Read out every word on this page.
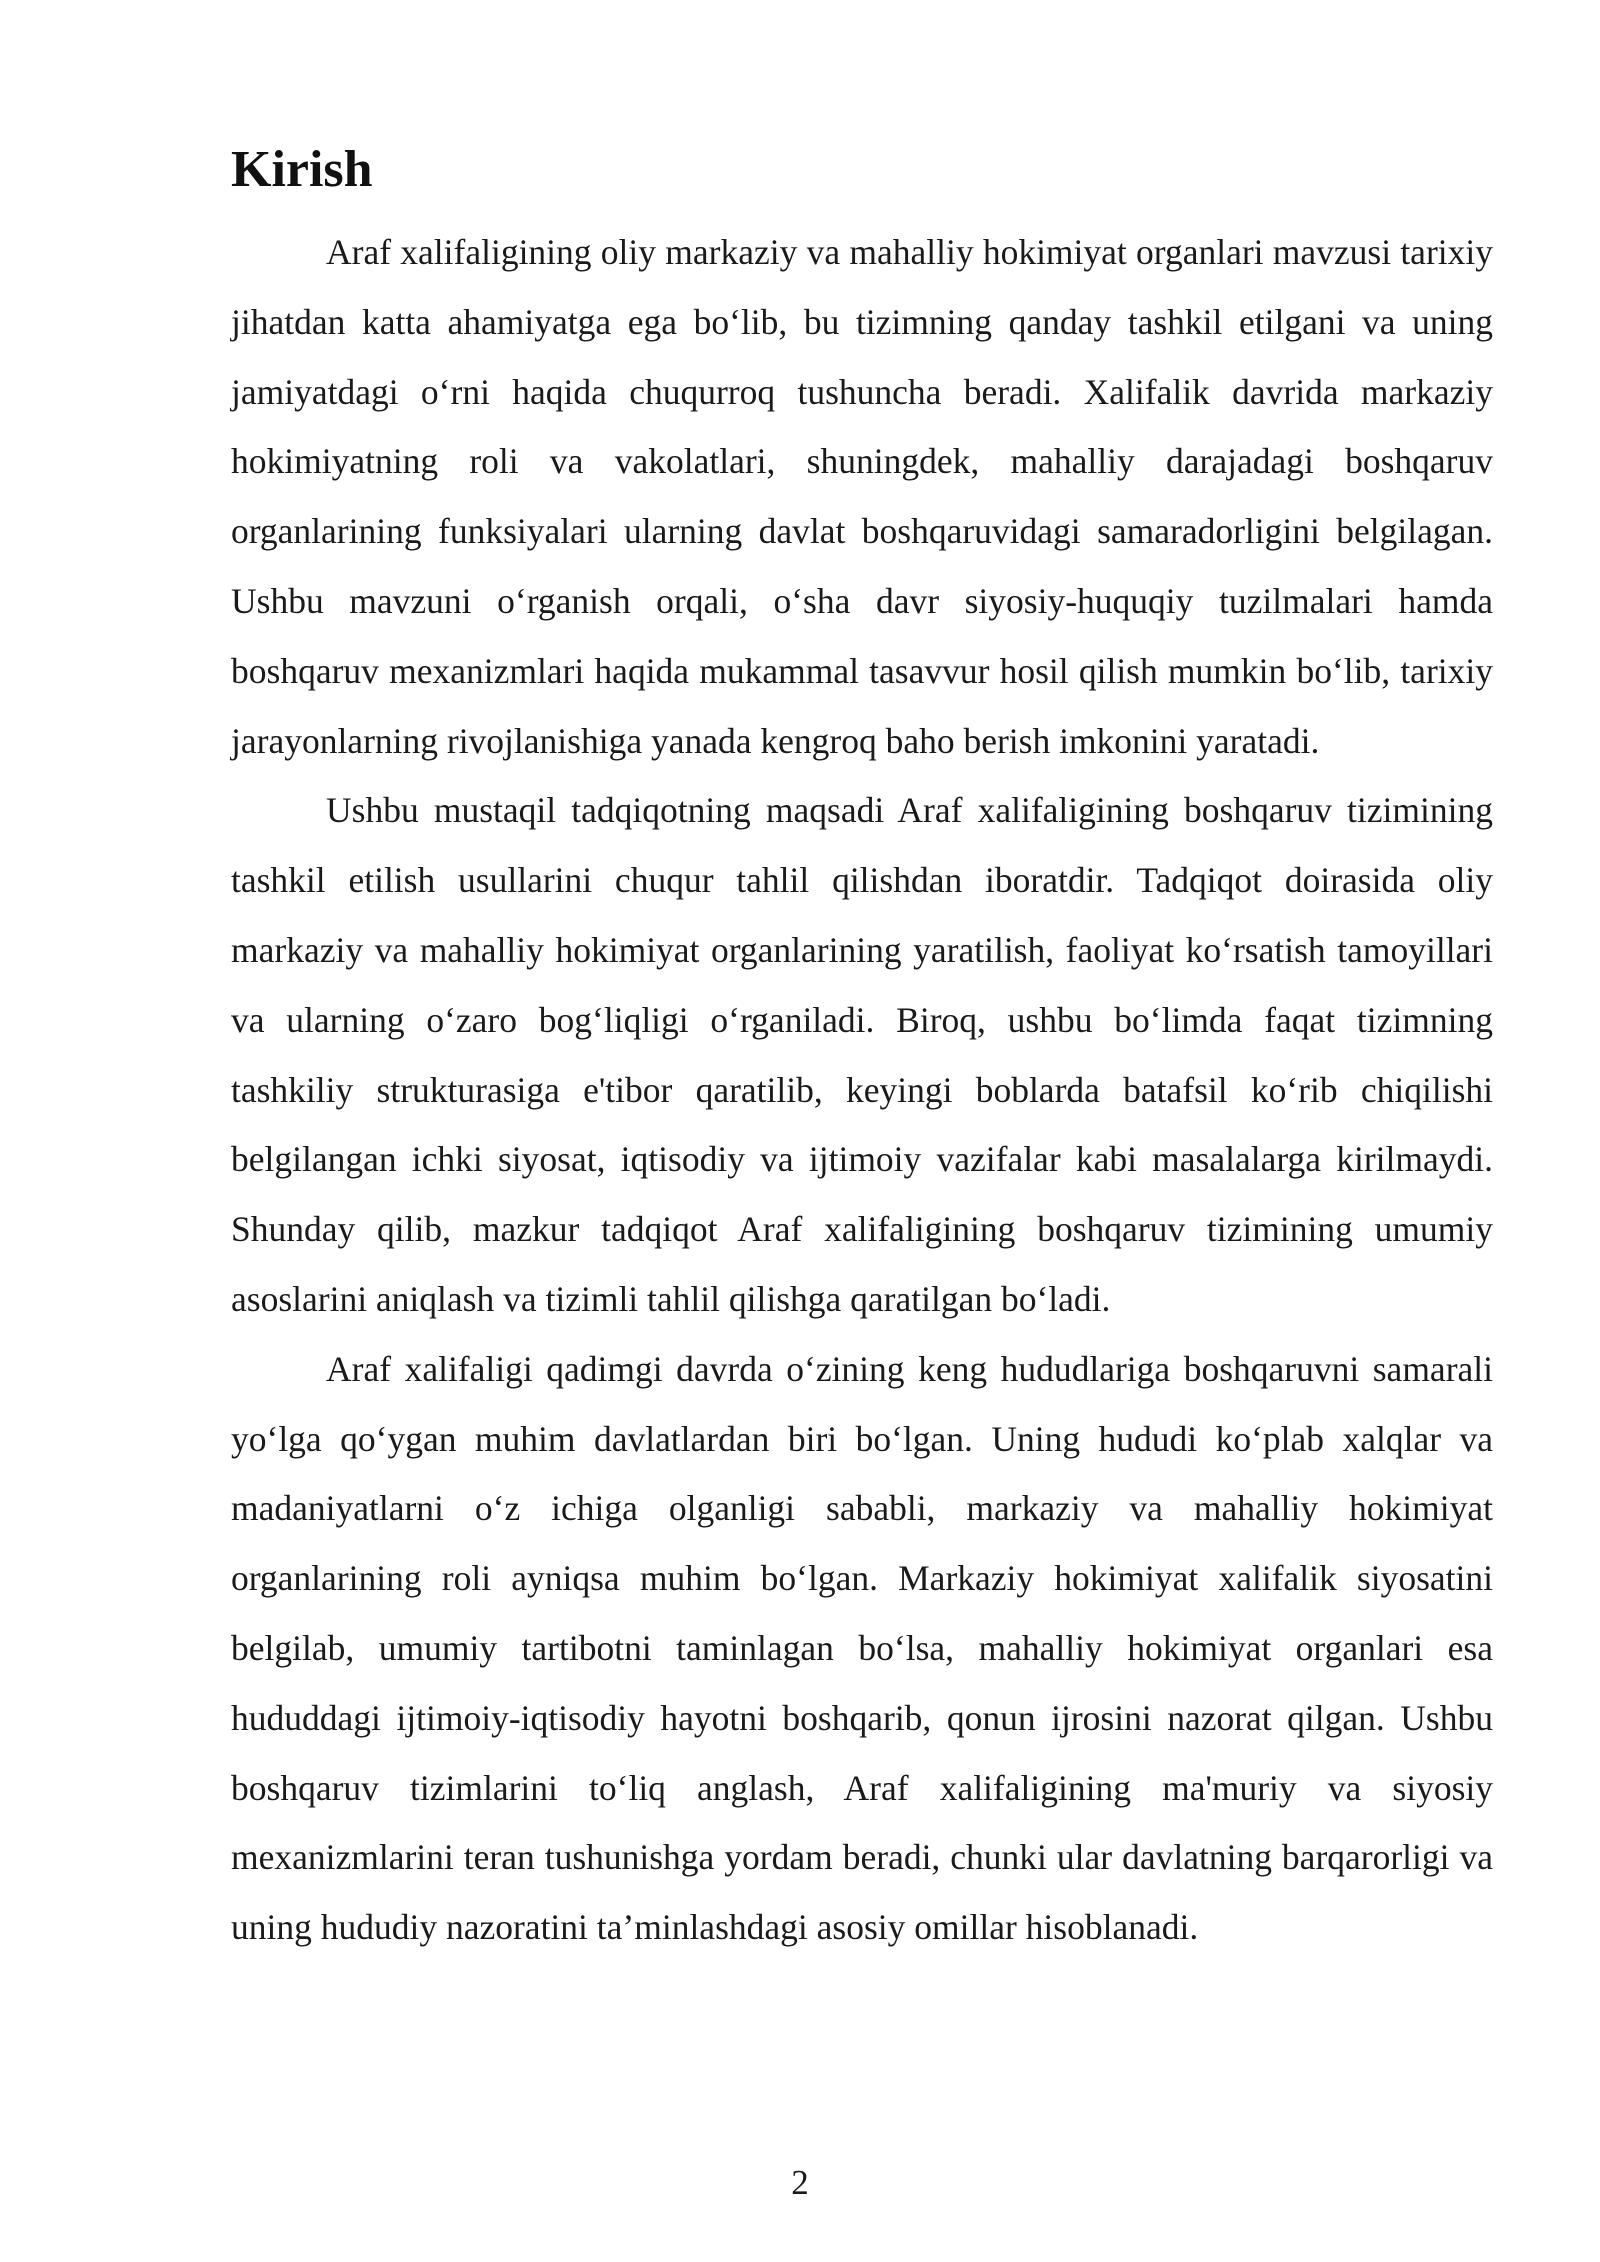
Kirish

Araf xalifaligining oliy markaziy va mahalliy hokimiyat organlari mavzusi tarixiy jihatdan katta ahamiyatga ega bo‘lib, bu tizimning qanday tashkil etilgani va uning jamiyatdagi o‘rni haqida chuqurroq tushuncha beradi. Xalifalik davrida markaziy hokimiyatning roli va vakolatlari, shuningdek, mahalliy darajadagi boshqaruv organlarining funksiyalari ularning davlat boshqaruvidagi samaradorligini belgilagan. Ushbu mavzuni o‘rganish orqali, o‘sha davr siyosiy-huquqiy tuzilmalari hamda boshqaruv mexanizmlari haqida mukammal tasavvur hosil qilish mumkin bo‘lib, tarixiy jarayonlarning rivojlanishiga yanada kengroq baho berish imkonini yaratadi.

Ushbu mustaqil tadqiqotning maqsadi Araf xalifaligining boshqaruv tizimining tashkil etilish usullarini chuqur tahlil qilishdan iboratdir. Tadqiqot doirasida oliy markaziy va mahalliy hokimiyat organlarining yaratilish, faoliyat ko‘rsatish tamoyillari va ularning o‘zaro bog‘liqligi o‘rganiladi. Biroq, ushbu bo‘limda faqat tizimning tashkiliy strukturasiga e'tibor qaratilib, keyingi boblarda batafsil ko‘rib chiqilishi belgilangan ichki siyosat, iqtisodiy va ijtimoiy vazifalar kabi masalalarga kirilmaydi. Shunday qilib, mazkur tadqiqot Araf xalifaligining boshqaruv tizimining umumiy asoslarini aniqlash va tizimli tahlil qilishga qaratilgan bo‘ladi.

Araf xalifaligi qadimgi davrda o‘zining keng hududlariga boshqaruvni samarali yo‘lga qo‘ygan muhim davlatlardan biri bo‘lgan. Uning hududi ko‘plab xalqlar va madaniyatlarni o‘z ichiga olganligi sababli, markaziy va mahalliy hokimiyat organlarining roli ayniqsa muhim bo‘lgan. Markaziy hokimiyat xalifalik siyosatini belgilab, umumiy tartibotni taminlagan bo‘lsa, mahalliy hokimiyat organlari esa hududdagi ijtimoiy-iqtisodiy hayotni boshqarib, qonun ijrosini nazorat qilgan. Ushbu boshqaruv tizimlarini to‘liq anglash, Araf xalifaligining ma'muriy va siyosiy mexanizmlarini teran tushunishga yordam beradi, chunki ular davlatning barqarorligi va uning hududiy nazoratini ta’minlashdagi asosiy omillar hisoblanadi.

2
